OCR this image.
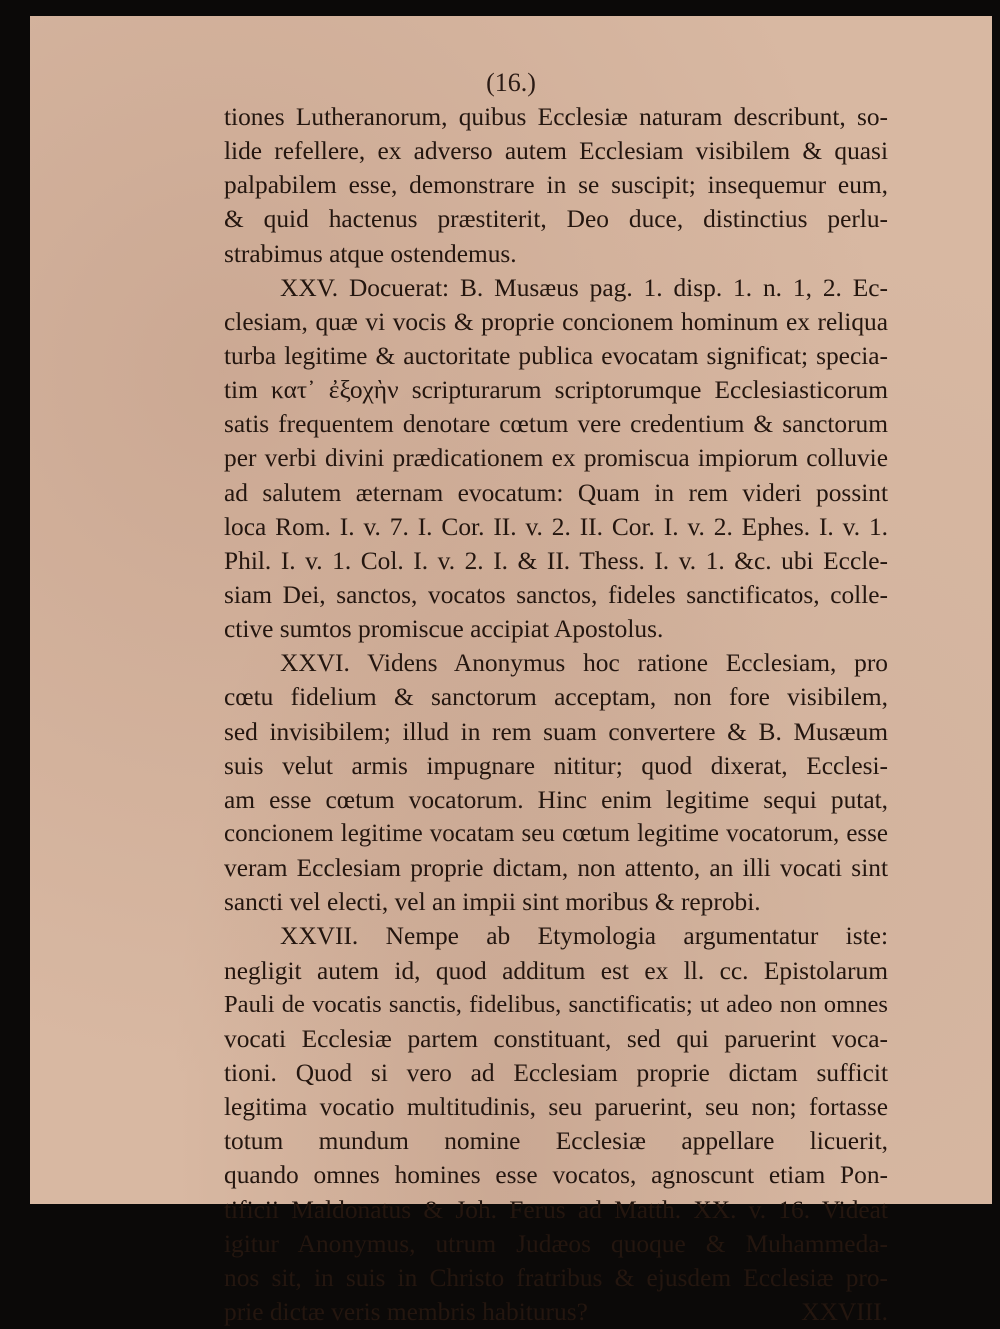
(16.)
tiones Lutheranorum, quibus Ecclesiæ naturam describunt, so-
lide refellere, ex adverso autem Ecclesiam visibilem & quasi
palpabilem esse, demonstrare in se suscipit; insequemur eum,
& quid hactenus præstiterit, Deo duce, distinctius perlu-
strabimus atque ostendemus.
XXV. Docuerat: B. Musæus pag. 1. disp. 1. n. 1, 2. Ec-
clesiam, quæ vi vocis & proprie concionem hominum ex reliqua
turba legitime & auctoritate publica evocatam significat; specia-
tim κατ᾽ ἐξοχὴν scripturarum scriptorumque Ecclesiasticorum
satis frequentem denotare cœtum vere credentium & sanctorum
per verbi divini prædicationem ex promiscua impiorum colluvie
ad salutem æternam evocatum: Quam in rem videri possint
loca Rom. I. v. 7. I. Cor. II. v. 2. II. Cor. I. v. 2. Ephes. I. v. 1.
Phil. I. v. 1. Col. I. v. 2. I. & II. Thess. I. v. 1. &c. ubi Eccle-
siam Dei, sanctos, vocatos sanctos, fideles sanctificatos, colle-
ctive sumtos promiscue accipiat Apostolus.
XXVI. Videns Anonymus hoc ratione Ecclesiam, pro
cœtu fidelium & sanctorum acceptam, non fore visibilem,
sed invisibilem; illud in rem suam convertere & B. Musæum
suis velut armis impugnare nititur; quod dixerat, Ecclesi-
am esse cœtum vocatorum. Hinc enim legitime sequi putat,
concionem legitime vocatam seu cœtum legitime vocatorum, esse
veram Ecclesiam proprie dictam, non attento, an illi vocati sint
sancti vel electi, vel an impii sint moribus & reprobi.
XXVII. Nempe ab Etymologia argumentatur iste:
negligit autem id, quod additum est ex ll. cc. Epistolarum
Pauli de vocatis sanctis, fidelibus, sanctificatis; ut adeo non omnes
vocati Ecclesiæ partem constituant, sed qui paruerint voca-
tioni. Quod si vero ad Ecclesiam proprie dictam sufficit
legitima vocatio multitudinis, seu paruerint, seu non; fortasse
totum mundum nomine Ecclesiæ appellare licuerit,
quando omnes homines esse vocatos, agnoscunt etiam Pon-
tificii Maldonatus & Joh. Ferus ad Matth. XX. v. 16. Videat
igitur Anonymus, utrum Judæos quoque & Muhammeda-
nos sit, in suis in Christo fratribus & ejusdem Ecclesiæ pro-
prie dictæ veris membris habiturus?	XXVIII.
